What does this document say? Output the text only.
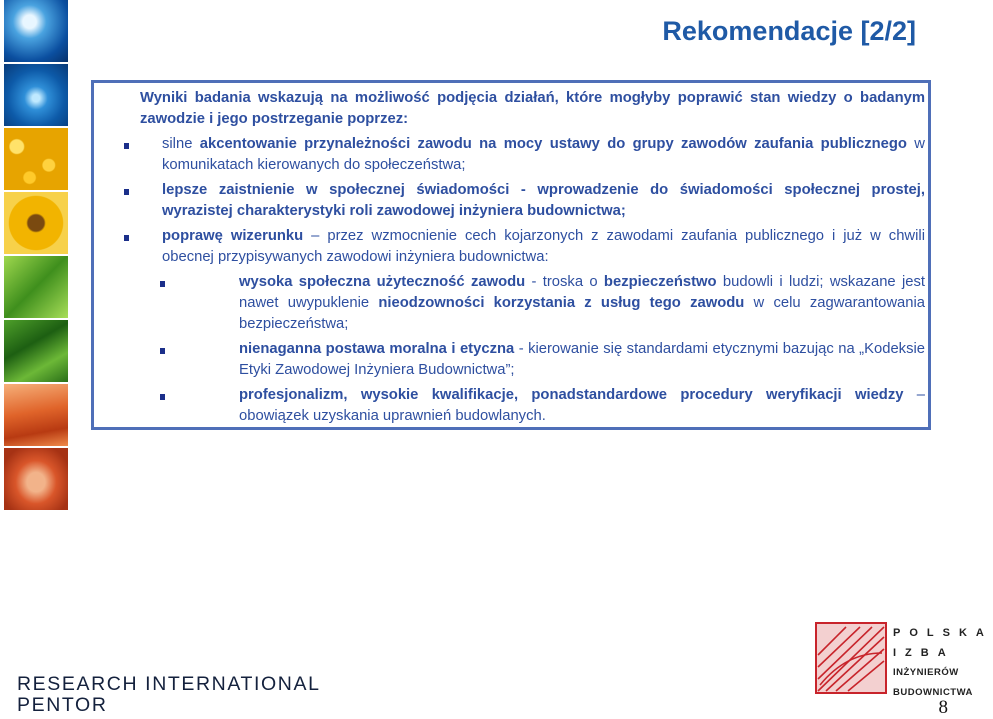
Rekomendacje [2/2]

Wyniki badania wskazują na możliwość podjęcia działań, które mogłyby poprawić stan wiedzy o badanym zawodzie i jego postrzeganie poprzez:

silne akcentowanie przynależności zawodu na mocy ustawy do grupy zawodów zaufania publicznego w komunikatach kierowanych do społeczeństwa;

lepsze zaistnienie w społecznej świadomości - wprowadzenie do świadomości społecznej prostej, wyrazistej charakterystyki roli zawodowej inżyniera budownictwa;

poprawę wizerunku – przez wzmocnienie cech kojarzonych z zawodami zaufania publicznego i już w chwili obecnej przypisywanych zawodowi inżyniera budownictwa:

wysoka społeczna użyteczność zawodu - troska o bezpieczeństwo budowli i ludzi; wskazane jest nawet uwypuklenie nieodzowności korzystania z usług tego zawodu w celu zagwarantowania bezpieczeństwa;

nienaganna postawa moralna i etyczna - kierowanie się standardami etycznymi bazując na „Kodeksie Etyki Zawodowej Inżyniera Budownictwa”;

profesjonalizm, wysokie kwalifikacje, ponadstandardowe procedury weryfikacji wiedzy – obowiązek uzyskania uprawnień budowlanych.

RESEARCH INTERNATIONAL
PENTOR
POLSKA
IZBA
INŻYNIERÓW
BUDOWNICTWA
8
